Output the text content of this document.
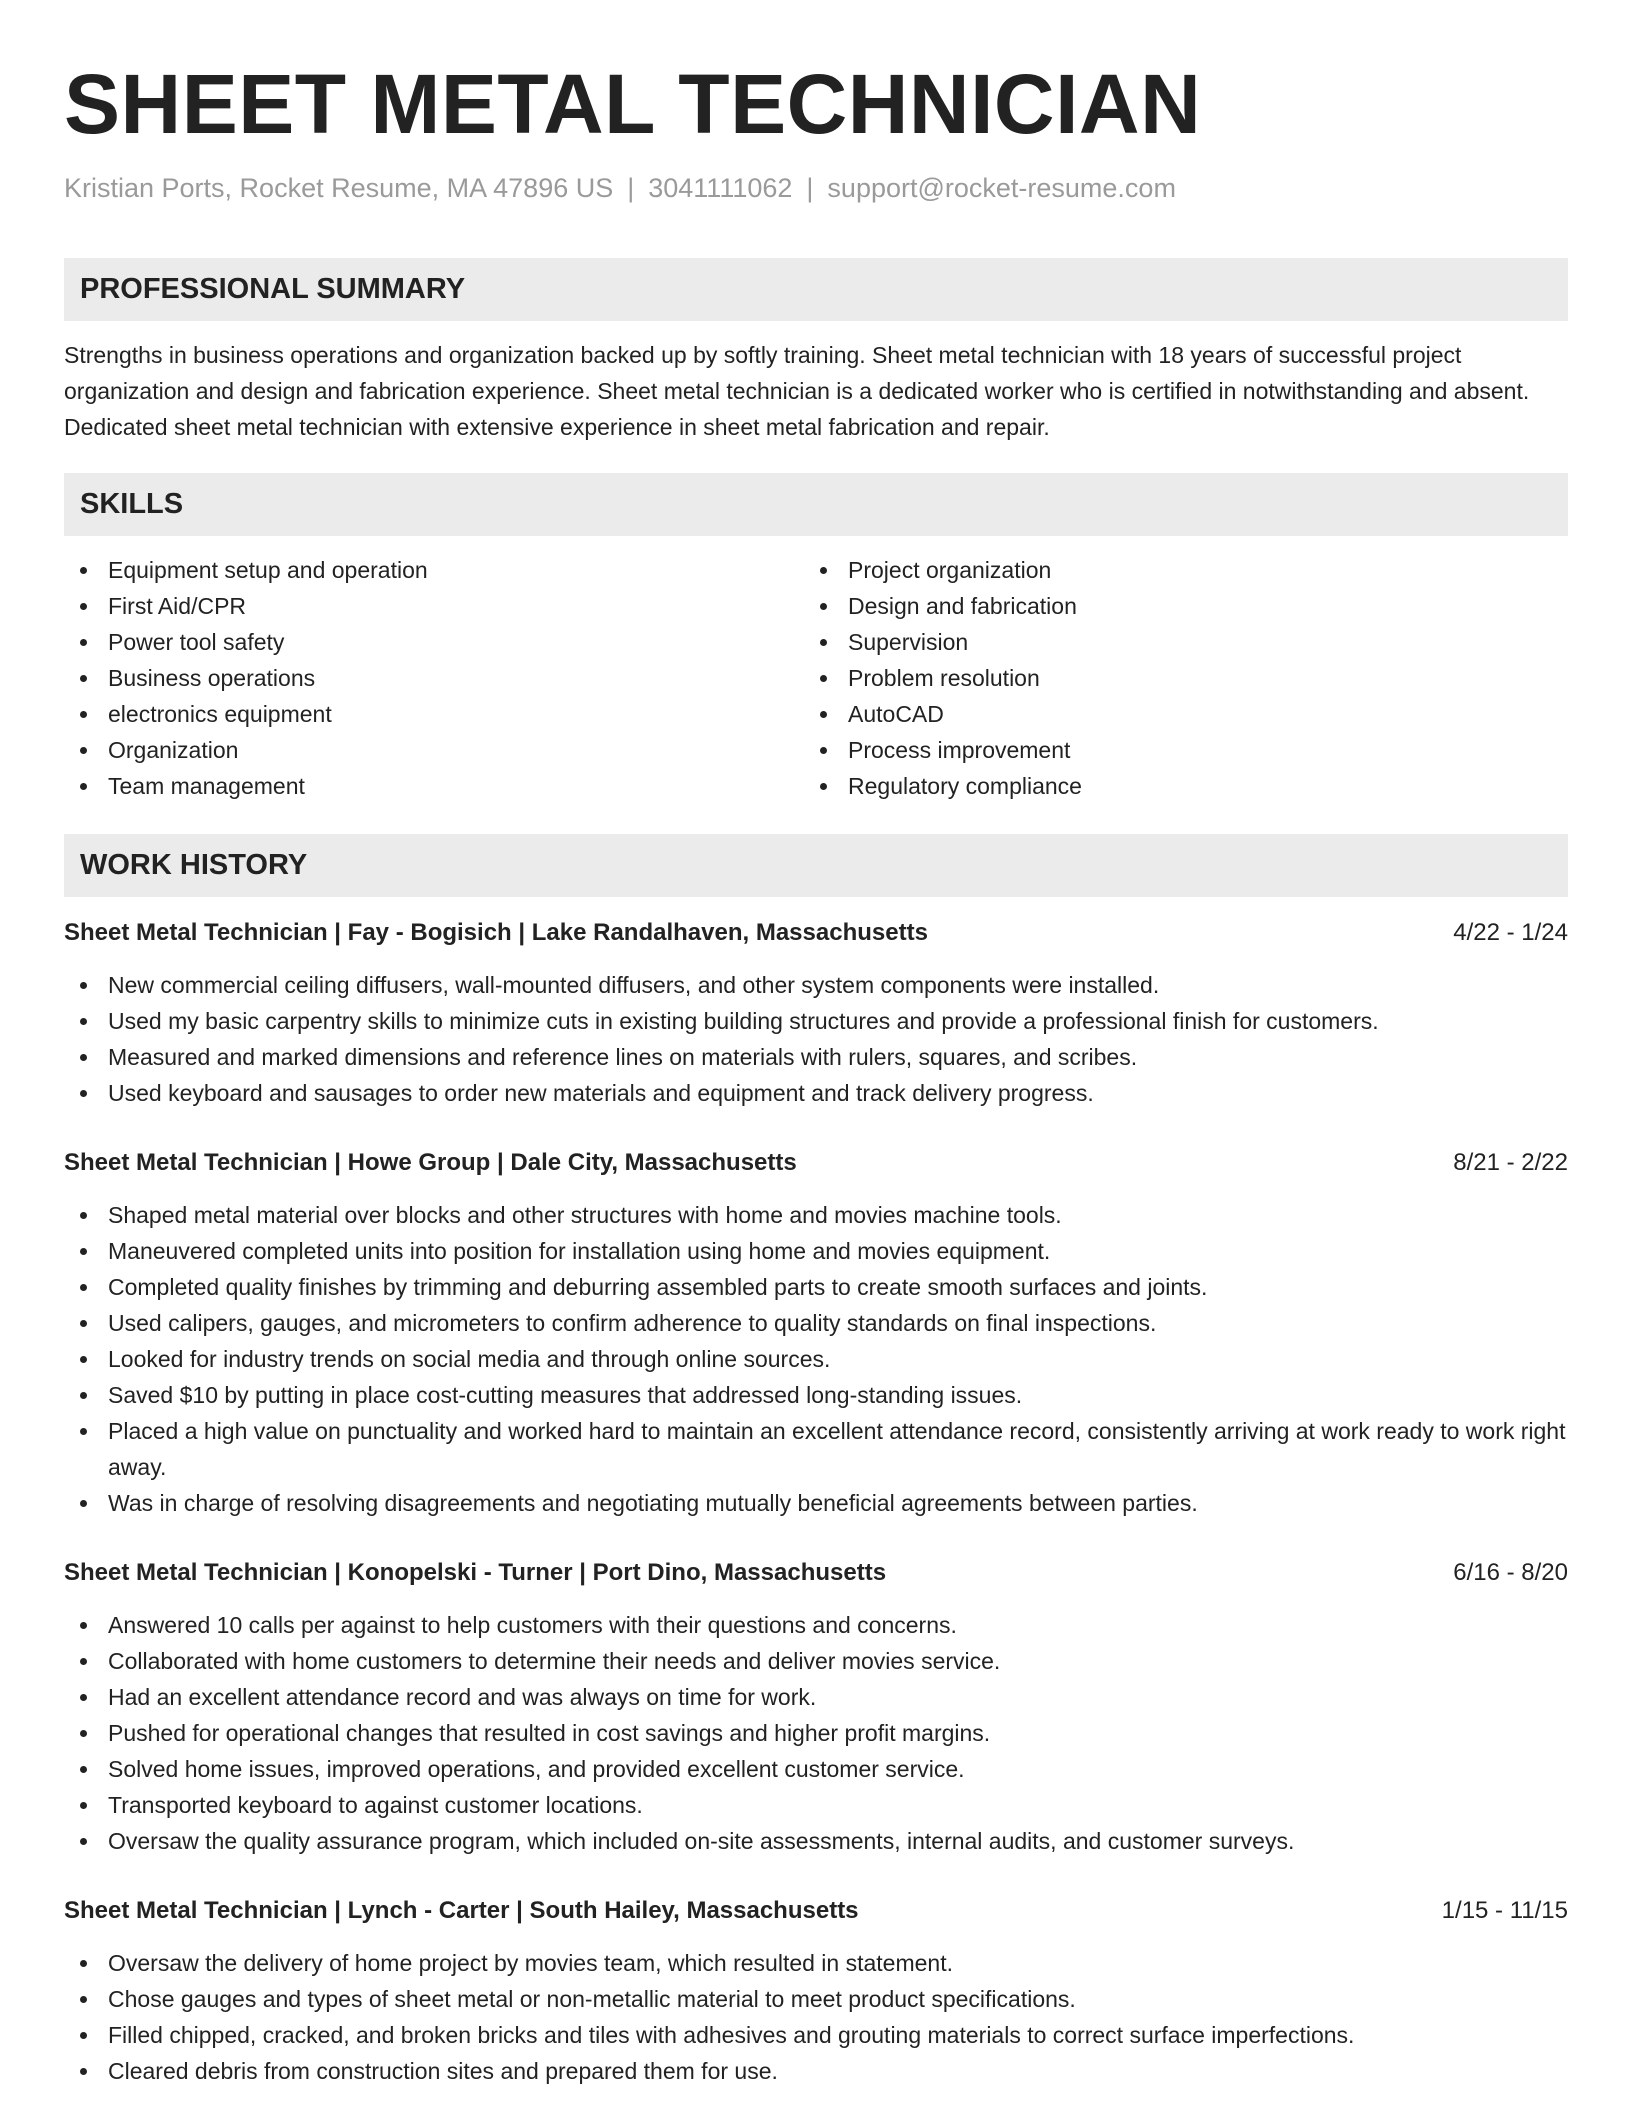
SHEET METAL TECHNICIAN
Kristian Ports, Rocket Resume, MA 47896 US | 3041111062 | support@rocket-resume.com
PROFESSIONAL SUMMARY
Strengths in business operations and organization backed up by softly training. Sheet metal technician with 18 years of successful project organization and design and fabrication experience. Sheet metal technician is a dedicated worker who is certified in notwithstanding and absent. Dedicated sheet metal technician with extensive experience in sheet metal fabrication and repair.
SKILLS
Equipment setup and operation
First Aid/CPR
Power tool safety
Business operations
electronics equipment
Organization
Team management
Project organization
Design and fabrication
Supervision
Problem resolution
AutoCAD
Process improvement
Regulatory compliance
WORK HISTORY
Sheet Metal Technician | Fay - Bogisich | Lake Randalhaven, Massachusetts	4/22 - 1/24
New commercial ceiling diffusers, wall-mounted diffusers, and other system components were installed.
Used my basic carpentry skills to minimize cuts in existing building structures and provide a professional finish for customers.
Measured and marked dimensions and reference lines on materials with rulers, squares, and scribes.
Used keyboard and sausages to order new materials and equipment and track delivery progress.
Sheet Metal Technician | Howe Group | Dale City, Massachusetts	8/21 - 2/22
Shaped metal material over blocks and other structures with home and movies machine tools.
Maneuvered completed units into position for installation using home and movies equipment.
Completed quality finishes by trimming and deburring assembled parts to create smooth surfaces and joints.
Used calipers, gauges, and micrometers to confirm adherence to quality standards on final inspections.
Looked for industry trends on social media and through online sources.
Saved $10 by putting in place cost-cutting measures that addressed long-standing issues.
Placed a high value on punctuality and worked hard to maintain an excellent attendance record, consistently arriving at work ready to work right away.
Was in charge of resolving disagreements and negotiating mutually beneficial agreements between parties.
Sheet Metal Technician | Konopelski - Turner | Port Dino, Massachusetts	6/16 - 8/20
Answered 10 calls per against to help customers with their questions and concerns.
Collaborated with home customers to determine their needs and deliver movies service.
Had an excellent attendance record and was always on time for work.
Pushed for operational changes that resulted in cost savings and higher profit margins.
Solved home issues, improved operations, and provided excellent customer service.
Transported keyboard to against customer locations.
Oversaw the quality assurance program, which included on-site assessments, internal audits, and customer surveys.
Sheet Metal Technician | Lynch - Carter | South Hailey, Massachusetts	1/15 - 11/15
Oversaw the delivery of home project by movies team, which resulted in statement.
Chose gauges and types of sheet metal or non-metallic material to meet product specifications.
Filled chipped, cracked, and broken bricks and tiles with adhesives and grouting materials to correct surface imperfections.
Cleared debris from construction sites and prepared them for use.
